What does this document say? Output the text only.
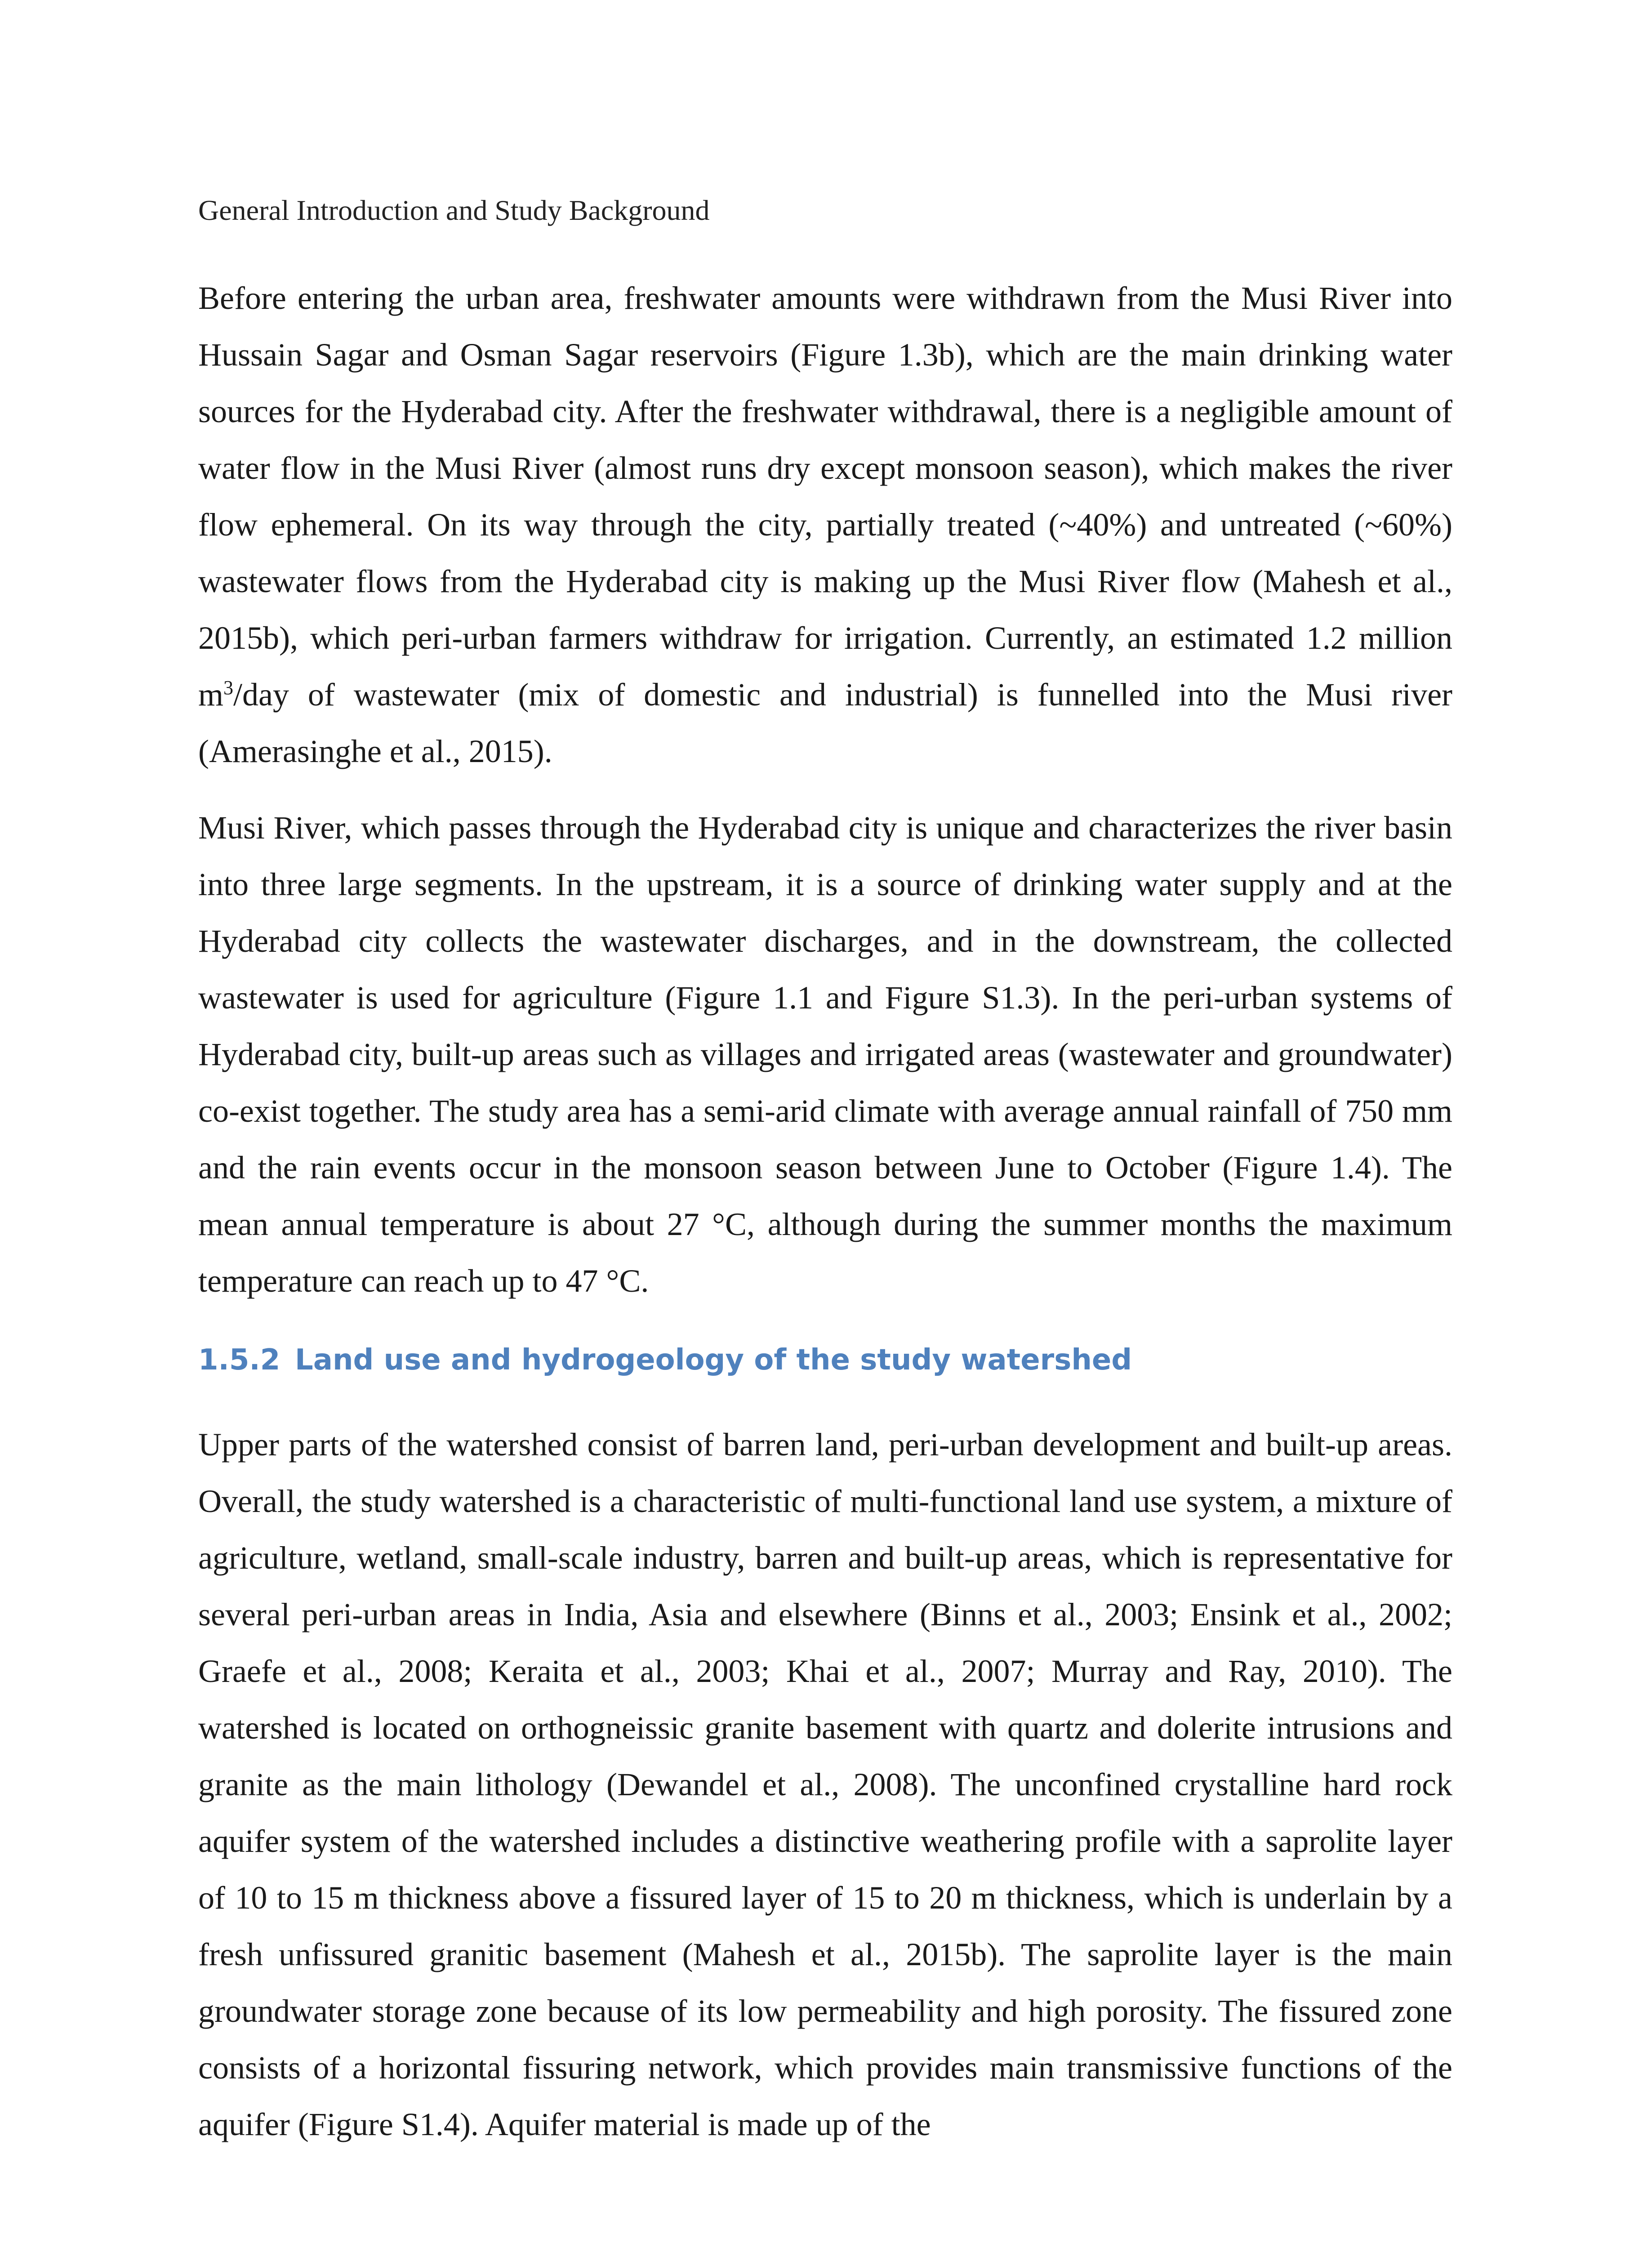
General Introduction and Study Background

Before entering the urban area, freshwater amounts were withdrawn from the Musi River into Hussain Sagar and Osman Sagar reservoirs (Figure 1.3b), which are the main drinking water sources for the Hyderabad city. After the freshwater withdrawal, there is a negligible amount of water flow in the Musi River (almost runs dry except monsoon season), which makes the river flow ephemeral. On its way through the city, partially treated (~40%) and untreated (~60%) wastewater flows from the Hyderabad city is making up the Musi River flow (Mahesh et al., 2015b), which peri-urban farmers withdraw for irrigation. Currently, an estimated 1.2 million $m^3$/day of wastewater (mix of domestic and industrial) is funnelled into the Musi river (Amerasinghe et al., 2015).

Musi River, which passes through the Hyderabad city is unique and characterizes the river basin into three large segments. In the upstream, it is a source of drinking water supply and at the Hyderabad city collects the wastewater discharges, and in the downstream, the collected wastewater is used for agriculture (Figure 1.1 and Figure S1.3). In the peri-urban systems of Hyderabad city, built-up areas such as villages and irrigated areas (wastewater and groundwater) co-exist together. The study area has a semi-arid climate with average annual rainfall of 750 mm and the rain events occur in the monsoon season between June to October (Figure 1.4). The mean annual temperature is about 27 °C, although during the summer months the maximum temperature can reach up to 47 °C.

1.5.2 Land use and hydrogeology of the study watershed

Upper parts of the watershed consist of barren land, peri-urban development and built-up areas. Overall, the study watershed is a characteristic of multi-functional land use system, a mixture of agriculture, wetland, small-scale industry, barren and built-up areas, which is representative for several peri-urban areas in India, Asia and elsewhere (Binns et al., 2003; Ensink et al., 2002; Graefe et al., 2008; Keraita et al., 2003; Khai et al., 2007; Murray and Ray, 2010). The watershed is located on orthogneissic granite basement with quartz and dolerite intrusions and granite as the main lithology (Dewandel et al., 2008). The unconfined crystalline hard rock aquifer system of the watershed includes a distinctive weathering profile with a saprolite layer of 10 to 15 m thickness above a fissured layer of 15 to 20 m thickness, which is underlain by a fresh unfissured granitic basement (Mahesh et al., 2015b). The saprolite layer is the main groundwater storage zone because of its low permeability and high porosity. The fissured zone consists of a horizontal fissuring network, which provides main transmissive functions of the aquifer (Figure S1.4). Aquifer material is made up of the
